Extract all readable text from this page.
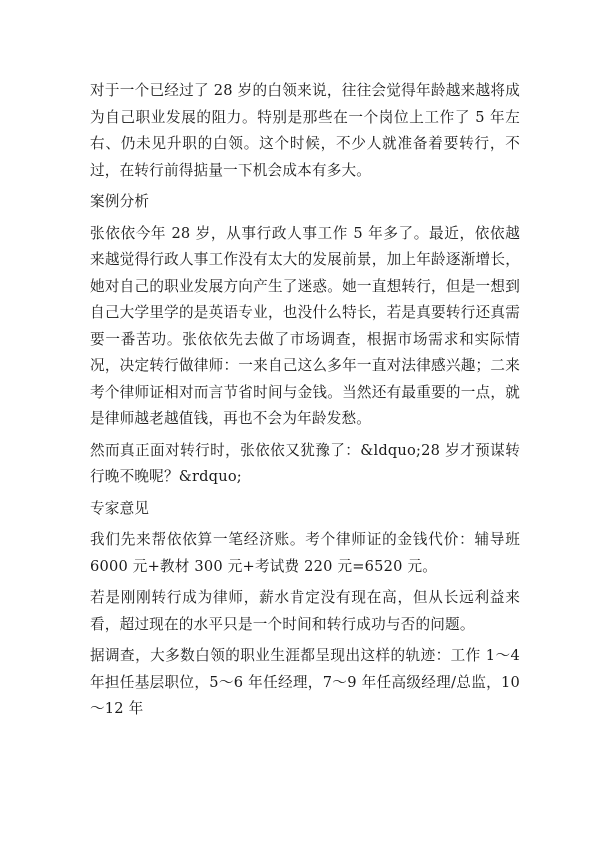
对于一个已经过了 28 岁的白领来说，往往会觉得年龄越来越将成为自己职业发展的阻力。特别是那些在一个岗位上工作了 5 年左右、仍未见升职的白领。这个时候，不少人就准备着要转行，不过，在转行前得掂量一下机会成本有多大。

案例分析

张依依今年 28 岁，从事行政人事工作 5 年多了。最近，依依越来越觉得行政人事工作没有太大的发展前景，加上年龄逐渐增长，她对自己的职业发展方向产生了迷惑。她一直想转行，但是一想到自己大学里学的是英语专业，也没什么特长，若是真要转行还真需要一番苦功。张依依先去做了市场调查，根据市场需求和实际情况，决定转行做律师：一来自己这么多年一直对法律感兴趣；二来考个律师证相对而言节省时间与金钱。当然还有最重要的一点，就是律师越老越值钱，再也不会为年龄发愁。

然而真正面对转行时，张依依又犹豫了：&ldquo;28 岁才预谋转行晚不晚呢？&rdquo;

专家意见

我们先来帮依依算一笔经济账。考个律师证的金钱代价：辅导班 6000 元+教材 300 元+考试费 220 元=6520 元。

若是刚刚转行成为律师，薪水肯定没有现在高，但从长远利益来看，超过现在的水平只是一个时间和转行成功与否的问题。

据调查，大多数白领的职业生涯都呈现出这样的轨迹：工作 1～4 年担任基层职位，5～6 年任经理，7～9 年任高级经理/总监，10～12 年
